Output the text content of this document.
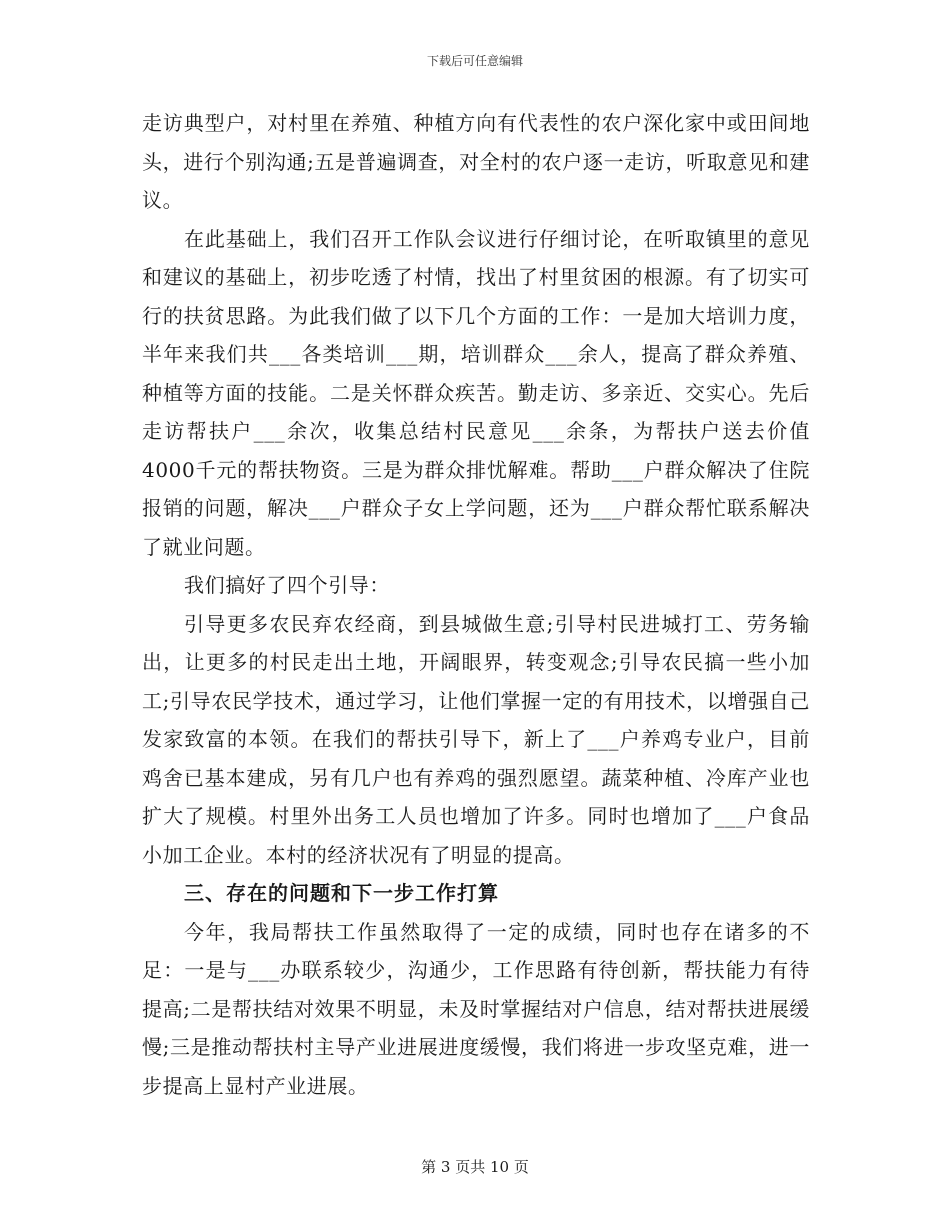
下载后可任意编辑

走访典型户，对村里在养殖、种植方向有代表性的农户深化家中或田间地头，进行个别沟通;五是普遍调查，对全村的农户逐一走访，听取意见和建议。

在此基础上，我们召开工作队会议进行仔细讨论，在听取镇里的意见和建议的基础上，初步吃透了村情，找出了村里贫困的根源。有了切实可行的扶贫思路。为此我们做了以下几个方面的工作：一是加大培训力度，半年来我们共___各类培训___期，培训群众___余人，提高了群众养殖、种植等方面的技能。二是关怀群众疾苦。勤走访、多亲近、交实心。先后走访帮扶户___余次，收集总结村民意见___余条，为帮扶户送去价值4000千元的帮扶物资。三是为群众排忧解难。帮助___户群众解决了住院报销的问题，解决___户群众子女上学问题，还为___户群众帮忙联系解决了就业问题。

我们搞好了四个引导：

引导更多农民弃农经商，到县城做生意;引导村民进城打工、劳务输出，让更多的村民走出土地，开阔眼界，转变观念;引导农民搞一些小加工;引导农民学技术，通过学习，让他们掌握一定的有用技术，以增强自己发家致富的本领。在我们的帮扶引导下，新上了___户养鸡专业户，目前鸡舍已基本建成，另有几户也有养鸡的强烈愿望。蔬菜种植、冷库产业也扩大了规模。村里外出务工人员也增加了许多。同时也增加了___户食品小加工企业。本村的经济状况有了明显的提高。

三、存在的问题和下一步工作打算

今年，我局帮扶工作虽然取得了一定的成绩，同时也存在诸多的不足：一是与___办联系较少，沟通少，工作思路有待创新，帮扶能力有待提高;二是帮扶结对效果不明显，未及时掌握结对户信息，结对帮扶进展缓慢;三是推动帮扶村主导产业进展进度缓慢，我们将进一步攻坚克难，进一步提高上显村产业进展。

第 3 页共 10 页
